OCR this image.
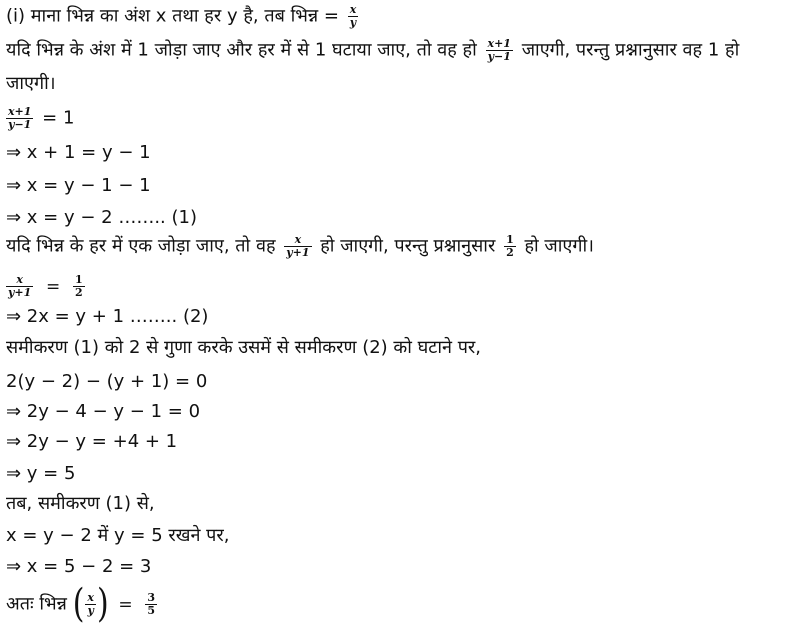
(i) माना भिन्न का अंश x तथा हर y है, तब भिन्न = $\frac{x}{y}$
यदि भिन्न के अंश में 1 जोड़ा जाए और हर में से 1 घटाया जाए, तो वह हो $\frac{x+1}{y-1}$ जाएगी, परन्तु प्रश्नानुसार वह 1 हो
जाएगी।
$\frac{x+1}{y-1} = 1$
⇒ x + 1 = y − 1
⇒ x = y − 1 − 1
⇒ x = y − 2 …….. (1)
यदि भिन्न के हर में एक जोड़ा जाए, तो वह $\frac{x}{y+1}$ हो जाएगी, परन्तु प्रश्नानुसार $\frac{1}{2}$ हो जाएगी।
$\frac{x}{y+1} = \frac{1}{2}$
⇒ 2x = y + 1 …….. (2)
समीकरण (1) को 2 से गुणा करके उसमें से समीकरण (2) को घटाने पर,
2(y − 2) − (y + 1) = 0
⇒ 2y − 4 − y − 1 = 0
⇒ 2y − y = +4 + 1
⇒ y = 5
तब, समीकरण (1) से,
x = y − 2 में y = 5 रखने पर,
⇒ x = 5 − 2 = 3
अतः भिन्न ( $\frac{x}{y}$ ) = $\frac{3}{5}$
